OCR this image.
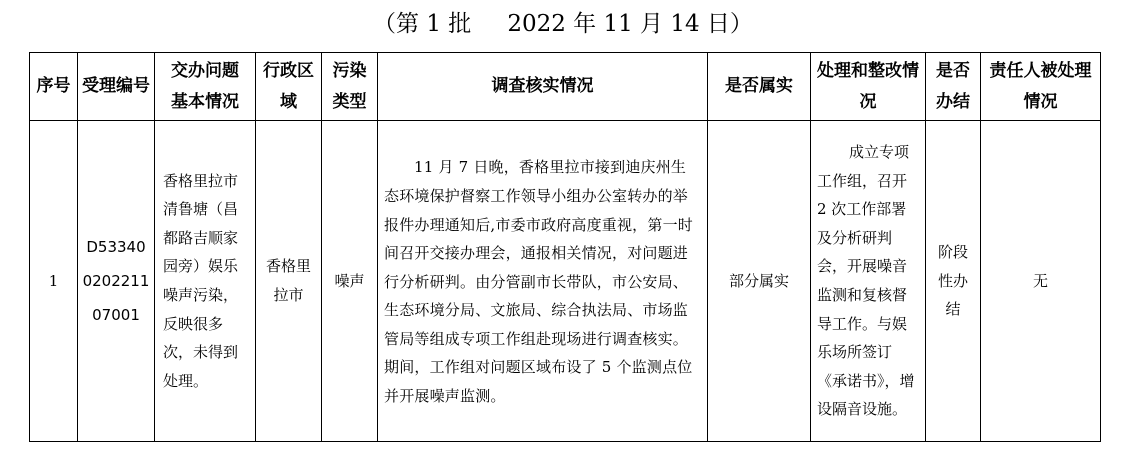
（第 1 批 2022 年 11 月 14 日）
序号	受理编号	交办问题基本情况	行政区域	污染类型	调查核实情况	是否属实	处理和整改情况	是否办结	责任人被处理情况

1	D533400202211 07001	香格里拉市清鲁塘（昌都路吉顺家园旁）娱乐噪声污染，反映很多次，未得到处理。	香格里拉市	噪声	11 月 7 日晚，香格里拉市接到迪庆州生态环境保护督察工作领导小组办公室转办的举报件办理通知后,市委市政府高度重视，第一时间召开交接办理会，通报相关情况，对问题进行分析研判。由分管副市长带队，市公安局、生态环境分局、文旅局、综合执法局、市场监管局等组成专项工作组赴现场进行调查核实。期间，工作组对问题区域布设了 5 个监测点位并开展噪声监测。	部分属实	成立专项工作组，召开 2 次工作部署及分析研判会，开展噪音监测和复核督导工作。与娱乐场所签订《承诺书》，增设隔音设施。	阶段性办结	无
